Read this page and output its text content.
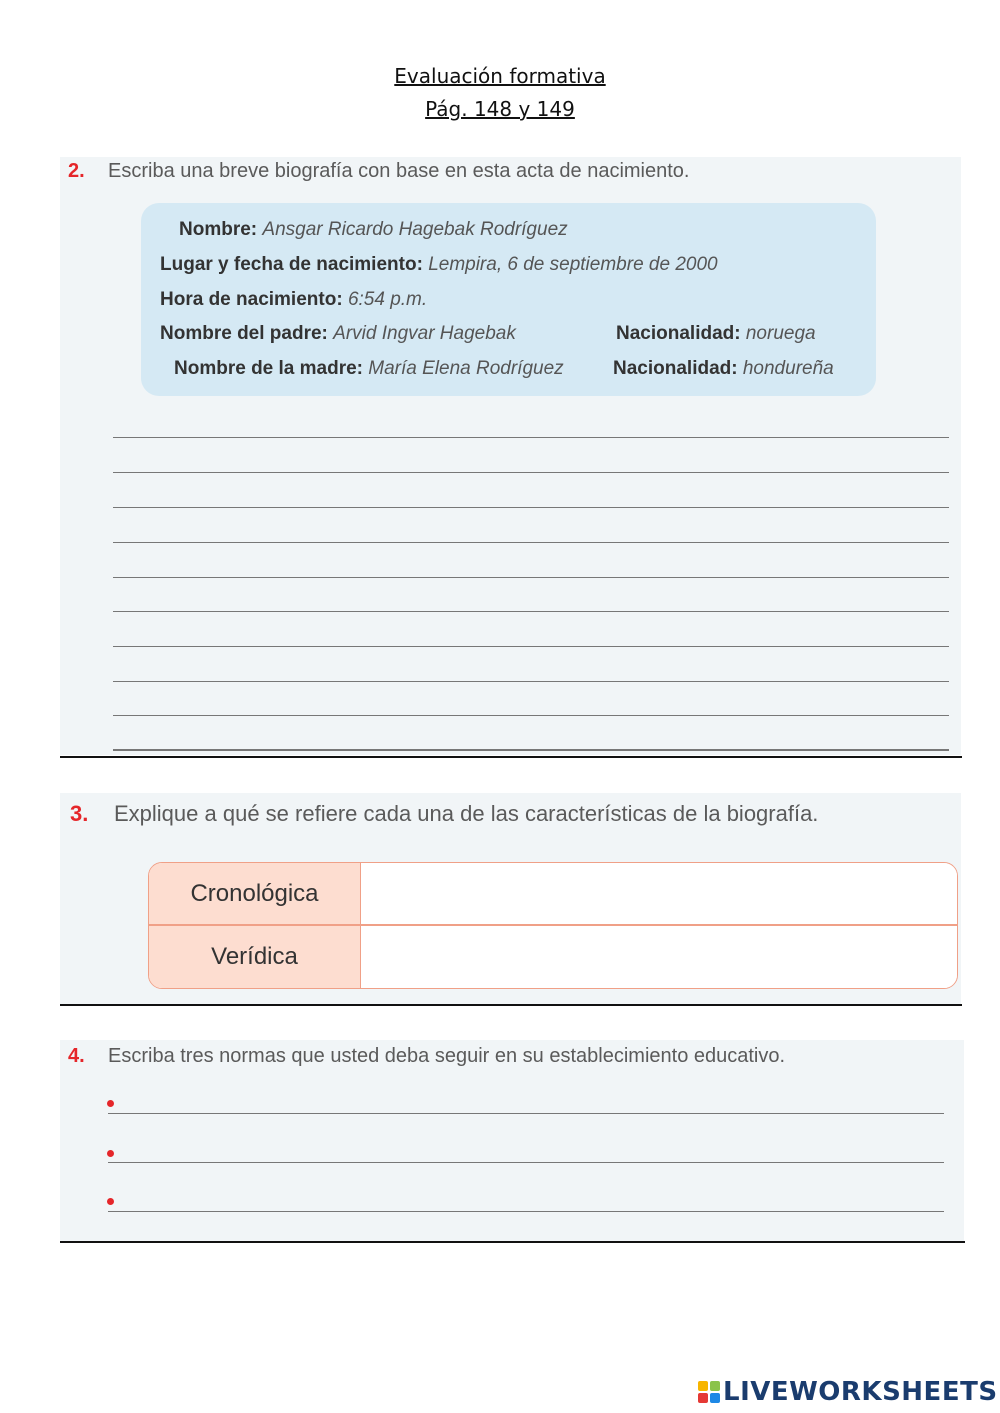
Evaluación formativa
Pág. 148 y 149
2. Escriba una breve biografía con base en esta acta de nacimiento.
Nombre: Ansgar Ricardo Hagebak Rodríguez
Lugar y fecha de nacimiento: Lempira, 6 de septiembre de 2000
Hora de nacimiento: 6:54 p.m.
Nombre del padre: Arvid Ingvar Hagebak	Nacionalidad: noruega
Nombre de la madre: María Elena Rodríguez	Nacionalidad: hondureña
3. Explique a qué se refiere cada una de las características de la biografía.
Cronológica
Verídica
4. Escriba tres normas que usted deba seguir en su establecimiento educativo.
LIVEWORKSHEETS
